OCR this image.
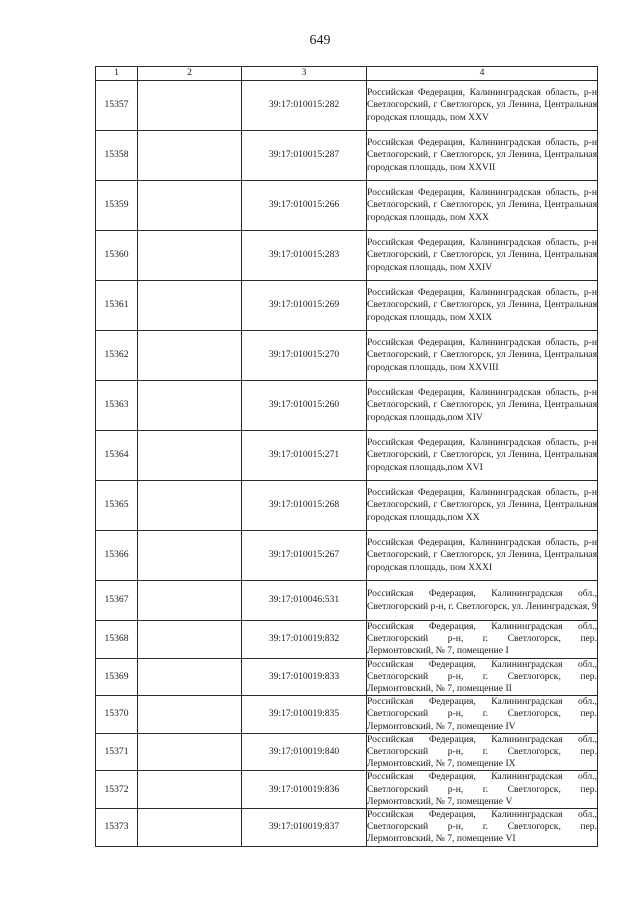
649
1	2	3	4
15357		39:17:010015:282	Российская Федерация, Калининградская область, р-н Светлогорский, г Светлогорск, ул Ленина, Центральная городская площадь, пом XXV
15358		39:17:010015:287	Российская Федерация, Калининградская область, р-н Светлогорский, г Светлогорск, ул Ленина, Центральная городская площадь, пом XXVII
15359		39:17:010015:266	Российская Федерация, Калининградская область, р-н Светлогорский, г Светлогорск, ул Ленина, Центральная городская площадь, пом XXX
15360		39:17:010015:283	Российская Федерация, Калининградская область, р-н Светлогорский, г Светлогорск, ул Ленина, Центральная городская площадь, пом XXIV
15361		39:17:010015:269	Российская Федерация, Калининградская область, р-н Светлогорский, г Светлогорск, ул Ленина, Центральная городская площадь, пом XXIX
15362		39:17:010015:270	Российская Федерация, Калининградская область, р-н Светлогорский, г Светлогорск, ул Ленина, Центральная городская площадь, пом XXVIII
15363		39:17:010015:260	Российская Федерация, Калининградская область, р-н Светлогорский, г Светлогорск, ул Ленина, Центральная городская площадь,пом XIV
15364		39:17:010015:271	Российская Федерация, Калининградская область, р-н Светлогорский, г Светлогорск, ул Ленина, Центральная городская площадь,пом XVI
15365		39:17:010015:268	Российская Федерация, Калининградская область, р-н Светлогорский, г Светлогорск, ул Ленина, Центральная городская площадь,пом XX
15366		39:17:010015:267	Российская Федерация, Калининградская область, р-н Светлогорский, г Светлогорск, ул Ленина, Центральная городская площадь, пом XXXI
15367		39:17:010046:531	Российская Федерация, Калининградская обл., Светлогорский р-н, г. Светлогорск, ул. Ленинградская, 9
15368		39:17:010019:832	Российская Федерация, Калининградская обл., Светлогорский р-н, г. Светлогорск, пер. Лермонтовский, № 7, помещение I
15369		39:17:010019:833	Российская Федерация, Калининградская обл., Светлогорский р-н, г. Светлогорск, пер. Лермонтовский, № 7, помещение II
15370		39:17:010019:835	Российская Федерация, Калининградская обл., Светлогорский р-н, г. Светлогорск, пер. Лермонтовский, № 7, помещение IV
15371		39:17:010019:840	Российская Федерация, Калининградская обл., Светлогорский р-н, г. Светлогорск, пер. Лермонтовский, № 7, помещение IX
15372		39:17:010019:836	Российская Федерация, Калининградская обл., Светлогорский р-н, г. Светлогорск, пер. Лермонтовский, № 7, помещение V
15373		39:17:010019:837	Российская Федерация, Калининградская обл., Светлогорский р-н, г. Светлогорск, пер. Лермонтовский, № 7, помещение VI
